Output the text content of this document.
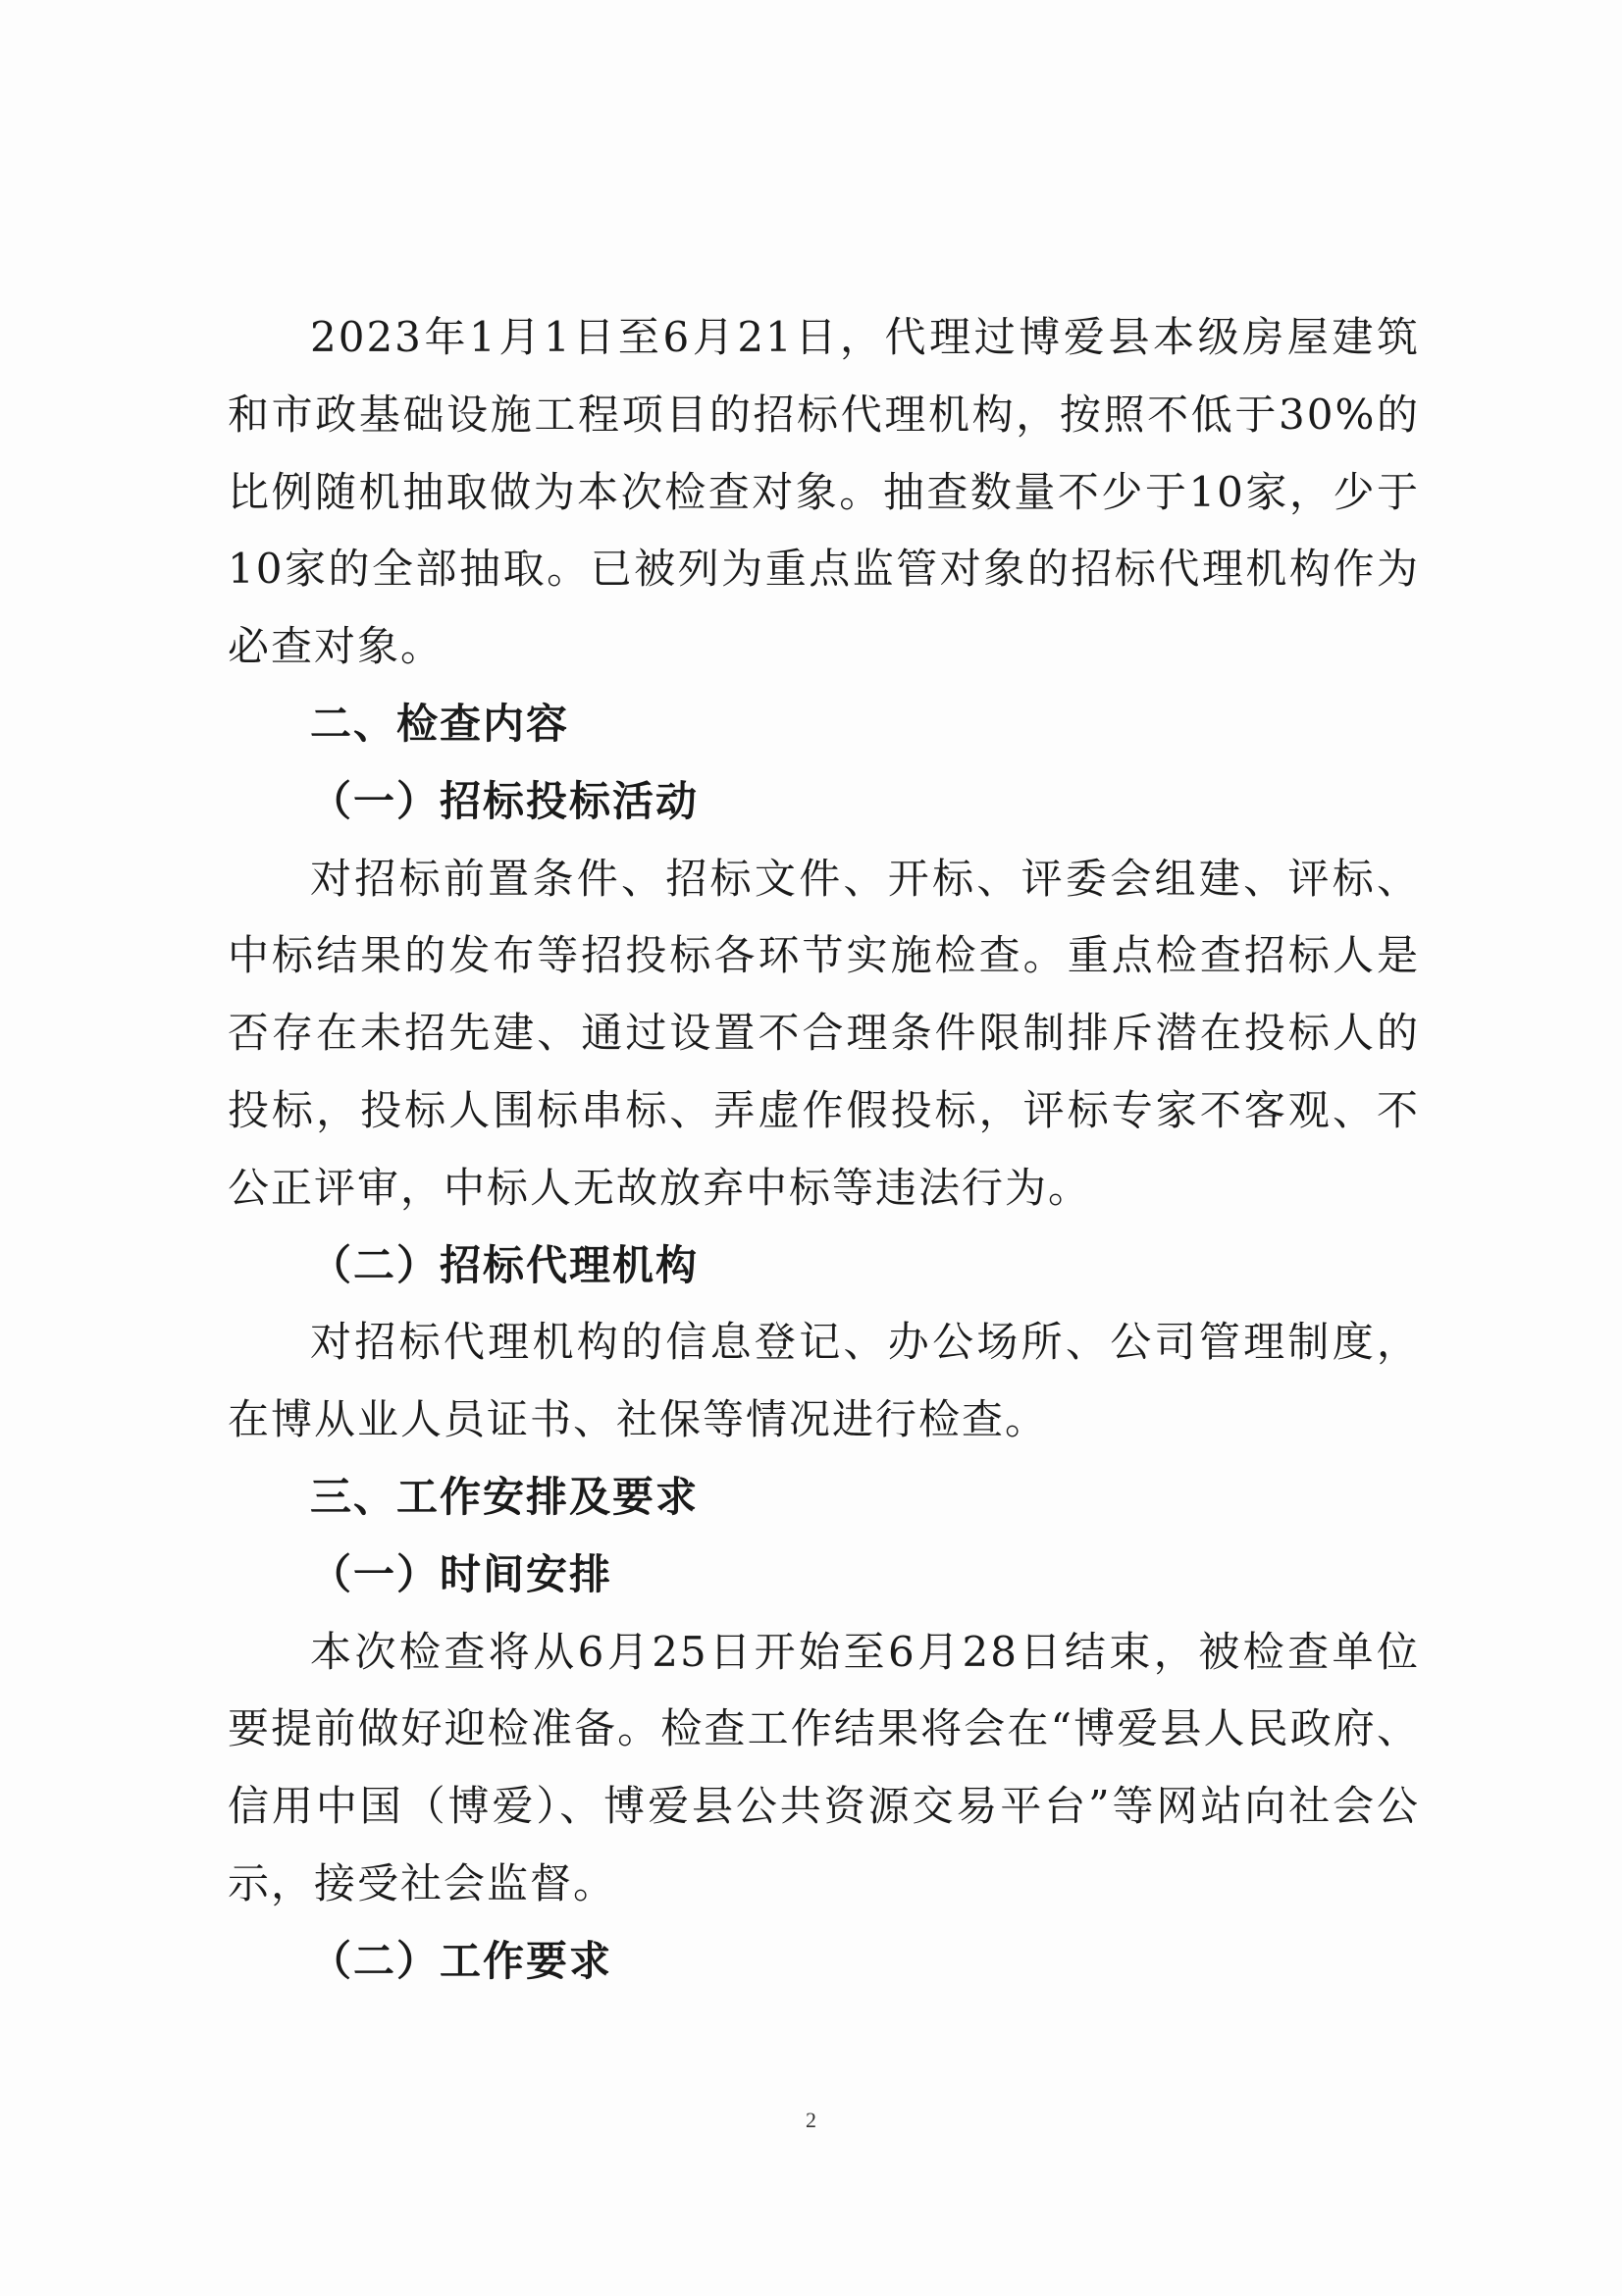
2023年1月1日至6月21日，代理过博爱县本级房屋建筑和市政基础设施工程项目的招标代理机构，按照不低于30%的比例随机抽取做为本次检查对象。抽查数量不少于10家，少于10家的全部抽取。已被列为重点监管对象的招标代理机构作为必查对象。

二、检查内容

（一）招标投标活动

对招标前置条件、招标文件、开标、评委会组建、评标、中标结果的发布等招投标各环节实施检查。重点检查招标人是否存在未招先建、通过设置不合理条件限制排斥潜在投标人的投标，投标人围标串标、弄虚作假投标，评标专家不客观、不公正评审，中标人无故放弃中标等违法行为。

（二）招标代理机构

对招标代理机构的信息登记、办公场所、公司管理制度，在博从业人员证书、社保等情况进行检查。

三、工作安排及要求

（一）时间安排

本次检查将从6月25日开始至6月28日结束，被检查单位要提前做好迎检准备。检查工作结果将会在“博爱县人民政府、信用中国（博爱）、博爱县公共资源交易平台”等网站向社会公示，接受社会监督。

（二）工作要求

2
